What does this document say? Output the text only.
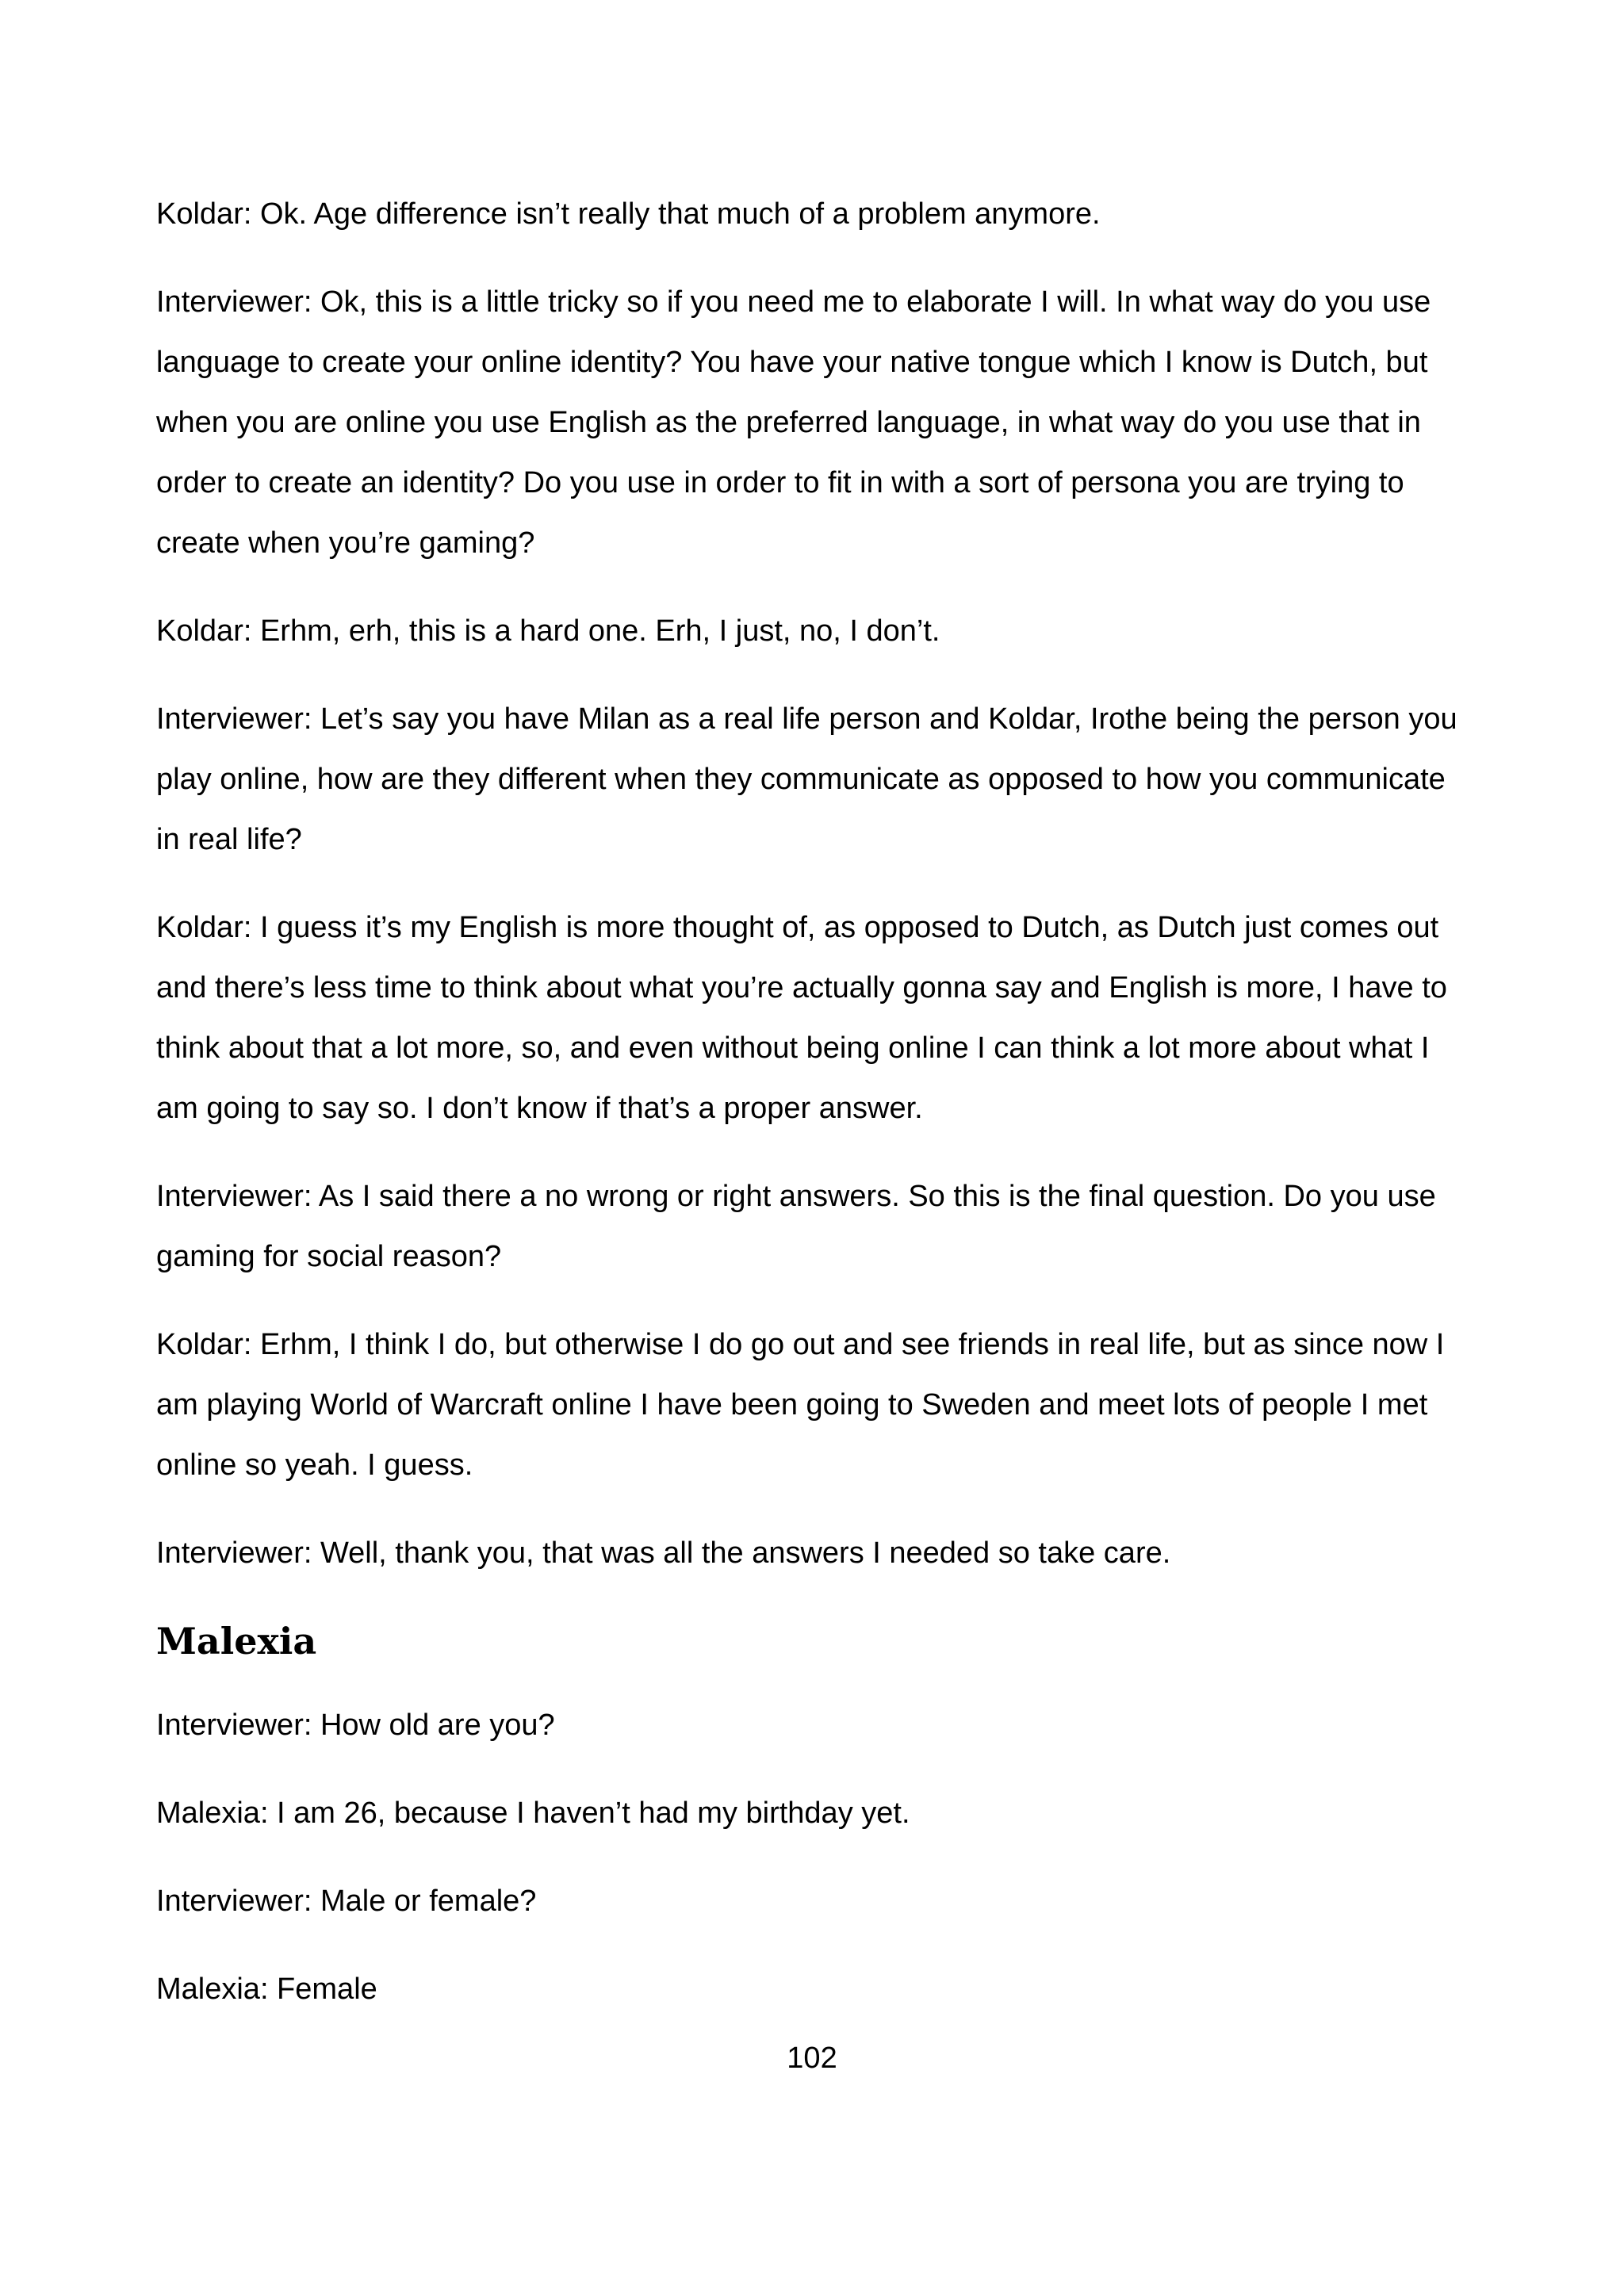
Koldar: Ok. Age difference isn’t really that much of a problem anymore.

Interviewer: Ok, this is a little tricky so if you need me to elaborate I will. In what way do you use language to create your online identity? You have your native tongue which I know is Dutch, but when you are online you use English as the preferred language, in what way do you use that in order to create an identity? Do you use in order to fit in with a sort of persona you are trying to create when you’re gaming?

Koldar: Erhm, erh, this is a hard one. Erh, I just, no, I don’t.

Interviewer: Let’s say you have Milan as a real life person and Koldar, Irothe being the person you play online, how are they different when they communicate as opposed to how you communicate in real life?

Koldar: I guess it’s my English is more thought of, as opposed to Dutch, as Dutch just comes out and there’s less time to think about what you’re actually gonna say and English is more, I have to think about that a lot more, so, and even without being online I can think a lot more about what I am going to say so. I don’t know if that’s a proper answer.

Interviewer: As I said there a no wrong or right answers. So this is the final question. Do you use gaming for social reason?

Koldar: Erhm, I think I do, but otherwise I do go out and see friends in real life, but as since now I am playing World of Warcraft online I have been going to Sweden and meet lots of people I met online so yeah. I guess.

Interviewer: Well, thank you, that was all the answers I needed so take care.

Malexia

Interviewer: How old are you?

Malexia: I am 26, because I haven’t had my birthday yet.

Interviewer: Male or female?

Malexia: Female

102
